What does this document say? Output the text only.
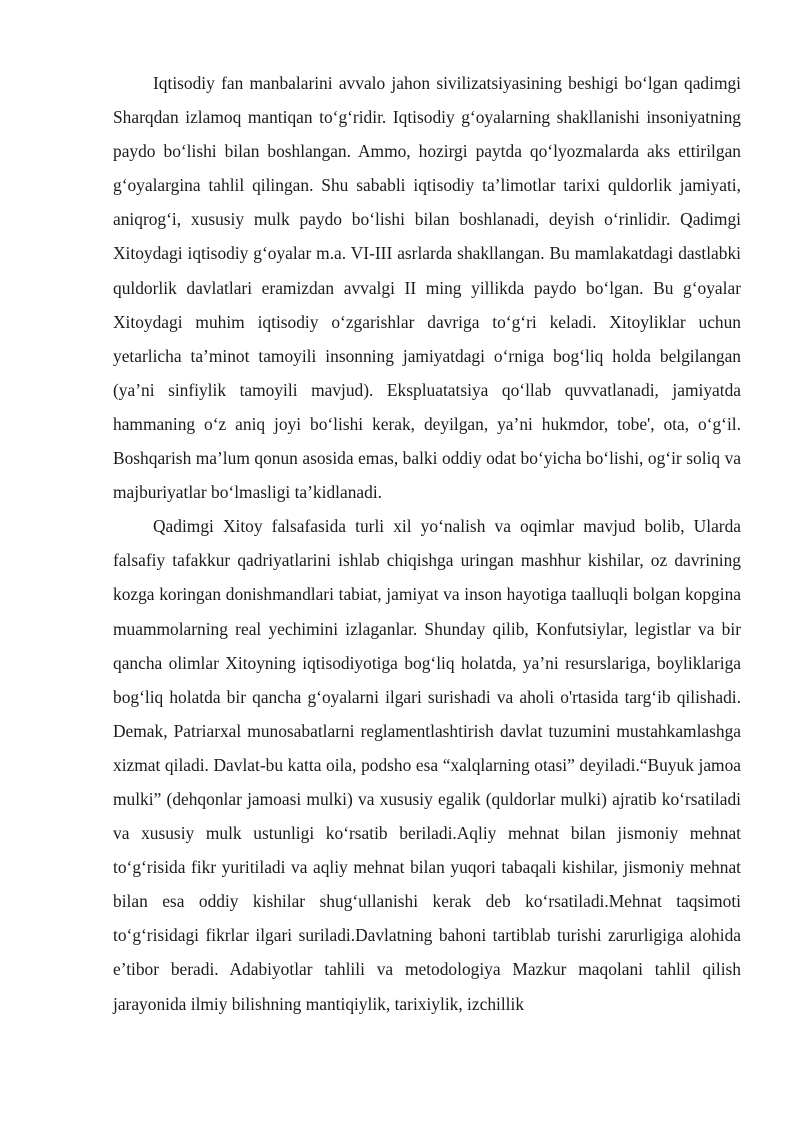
Iqtisodiy fan manbalarini avvalo jahon sivilizatsiyasining beshigi bo‘lgan qadimgi Sharqdan izlamoq mantiqan to‘g‘ridir. Iqtisodiy g‘oyalarning shakllanishi insoniyatning paydo bo‘lishi bilan boshlangan. Ammo, hozirgi paytda qo‘lyozmalarda aks ettirilgan g‘oyalargina tahlil qilingan. Shu sababli iqtisodiy ta’limotlar tarixi quldorlik jamiyati, aniqrog‘i, xususiy mulk paydo bo‘lishi bilan boshlanadi, deyish o‘rinlidir. Qadimgi Xitoydagi iqtisodiy g‘oyalar m.a. VI-III asrlarda shakllangan. Bu mamlakatdagi dastlabki quldorlik davlatlari eramizdan avvalgi II ming yillikda paydo bo‘lgan. Bu g‘oyalar Xitoydagi muhim iqtisodiy o‘zgarishlar davriga to‘g‘ri keladi. Xitoyliklar uchun yetarlicha ta’minot tamoyili insonning jamiyatdagi o‘rniga bog‘liq holda belgilangan (ya’ni sinfiylik tamoyili mavjud). Ekspluatatsiya qo‘llab quvvatlanadi, jamiyatda hammaning o‘z aniq joyi bo‘lishi kerak, deyilgan, ya’ni hukmdor, tobe', ota, o‘g‘il. Boshqarish ma’lum qonun asosida emas, balki oddiy odat bo‘yicha bo‘lishi, og‘ir soliq va majburiyatlar bo‘lmasligi ta’kidlanadi.

Qadimgi Xitoy falsafasida turli xil yo‘nalish va oqimlar mavjud bolib, Ularda falsafiy tafakkur qadriyatlarini ishlab chiqishga uringan mashhur kishilar, oz davrining kozga koringan donishmandlari tabiat, jamiyat va inson hayotiga taalluqli bolgan kopgina muammolarning real yechimini izlaganlar. Shunday qilib, Konfutsiylar, legistlar va bir qancha olimlar Xitoyning iqtisodiyotiga bog‘liq holatda, ya’ni resurslariga, boyliklariga bog‘liq holatda bir qancha g‘oyalarni ilgari surishadi va aholi o'rtasida targ‘ib qilishadi. Demak, Patriarxal munosabatlarni reglamentlashtirish davlat tuzumini mustahkamlashga xizmat qiladi. Davlat-bu katta oila, podsho esa “xalqlarning otasi” deyiladi.“Buyuk jamoa mulki” (dehqonlar jamoasi mulki) va xususiy egalik (quldorlar mulki) ajratib ko‘rsatiladi va xususiy mulk ustunligi ko‘rsatib beriladi.Aqliy mehnat bilan jismoniy mehnat to‘g‘risida fikr yuritiladi va aqliy mehnat bilan yuqori tabaqali kishilar, jismoniy mehnat bilan esa oddiy kishilar shug‘ullanishi kerak deb ko‘rsatiladi.Mehnat taqsimoti to‘g‘risidagi fikrlar ilgari suriladi.Davlatning bahoni tartiblab turishi zarurligiga alohida e’tibor beradi. Adabiyotlar tahlili va metodologiya Mazkur maqolani tahlil qilish jarayonida ilmiy bilishning mantiqiylik, tarixiylik, izchillik
